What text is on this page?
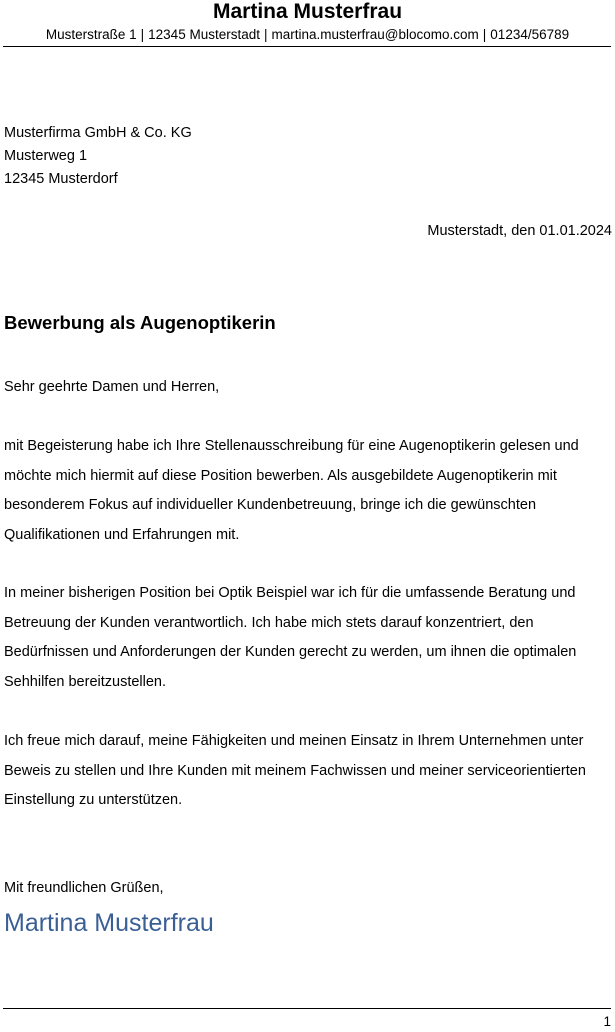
Martina Musterfrau
Musterstraße 1 | 12345 Musterstadt | martina.musterfrau@blocomo.com | 01234/56789
Musterfirma GmbH & Co. KG
Musterweg 1
12345 Musterdorf
Musterstadt, den 01.01.2024
Bewerbung als Augenoptikerin
Sehr geehrte Damen und Herren,
mit Begeisterung habe ich Ihre Stellenausschreibung für eine Augenoptikerin gelesen und
möchte mich hiermit auf diese Position bewerben. Als ausgebildete Augenoptikerin mit
besonderem Fokus auf individueller Kundenbetreuung, bringe ich die gewünschten
Qualifikationen und Erfahrungen mit.
In meiner bisherigen Position bei Optik Beispiel war ich für die umfassende Beratung und
Betreuung der Kunden verantwortlich. Ich habe mich stets darauf konzentriert, den
Bedürfnissen und Anforderungen der Kunden gerecht zu werden, um ihnen die optimalen
Sehhilfen bereitzustellen.
Ich freue mich darauf, meine Fähigkeiten und meinen Einsatz in Ihrem Unternehmen unter
Beweis zu stellen und Ihre Kunden mit meinem Fachwissen und meiner serviceorientierten
Einstellung zu unterstützen.
Mit freundlichen Grüßen,
Martina Musterfrau
1
